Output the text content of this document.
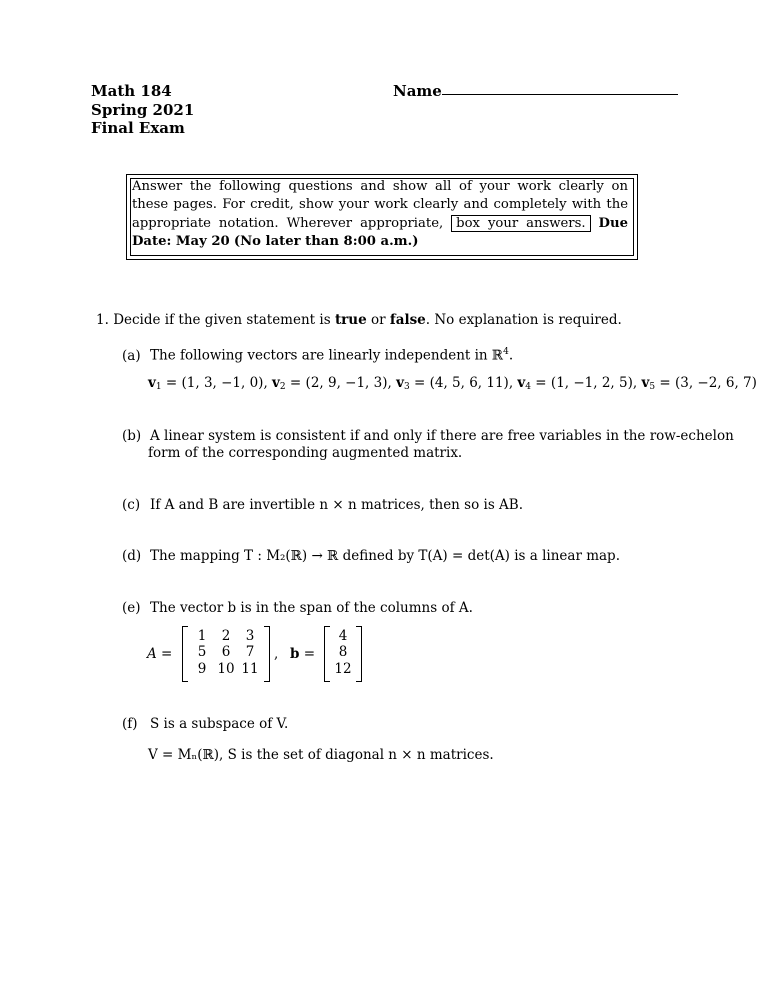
Math 184
Spring 2021
Final Exam
Name
Answer the following questions and show all of your work clearly on these pages. For credit, show your work clearly and completely with the appropriate notation. Wherever appropriate, box your answers. Due Date: May 20 (No later than 8:00 a.m.)
1. Decide if the given statement is true or false. No explanation is required.
(a) The following vectors are linearly independent in ℝ$^4$.
v1 = (1, 3, −1, 0), v2 = (2, 9, −1, 3), v3 = (4, 5, 6, 11), v4 = (1, −1, 2, 5), v5 = (3, −2, 6, 7)
(b) A linear system is consistent if and only if there are free variables in the row-echelon
form of the corresponding augmented matrix.
(c) If A and B are invertible n × n matrices, then so is AB.
(d) The mapping T : M₂(ℝ) → ℝ defined by T(A) = det(A) is a linear map.
(e) The vector b is in the span of the columns of A.
A =
1	2	3
5	6	7
9 10 11
, b =
4
8
12
(f) S is a subspace of V.
V = Mₙ(ℝ), S is the set of diagonal n × n matrices.
